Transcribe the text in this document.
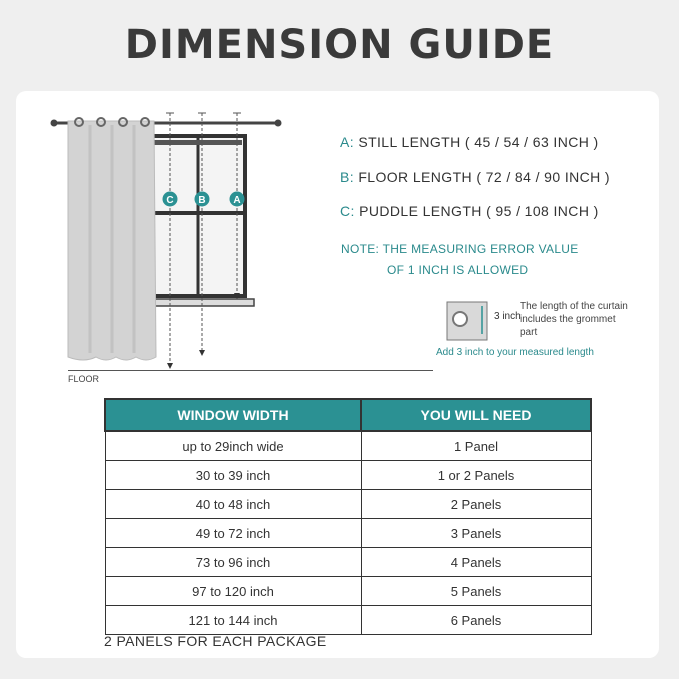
DIMENSION GUIDE
C B	A
FLOOR
A: STILL LENGTH ( 45 / 54 / 63 INCH )
B: FLOOR LENGTH ( 72 / 84 / 90 INCH )
C: PUDDLE LENGTH ( 95 / 108 INCH )
NOTE: THE MEASURING ERROR VALUE
OF 1 INCH IS ALLOWED
3 inch
The length of the curtain includes the grommet part
Add 3 inch to your measured length
WINDOW WIDTH	YOU WILL NEED
up to 29inch wide	1 Panel
30 to 39 inch	1 or 2 Panels
40 to 48 inch	2 Panels
49 to 72 inch	3 Panels
73 to 96 inch	4 Panels
97 to 120 inch	5 Panels
121 to 144 inch	6 Panels
2 PANELS FOR EACH PACKAGE
